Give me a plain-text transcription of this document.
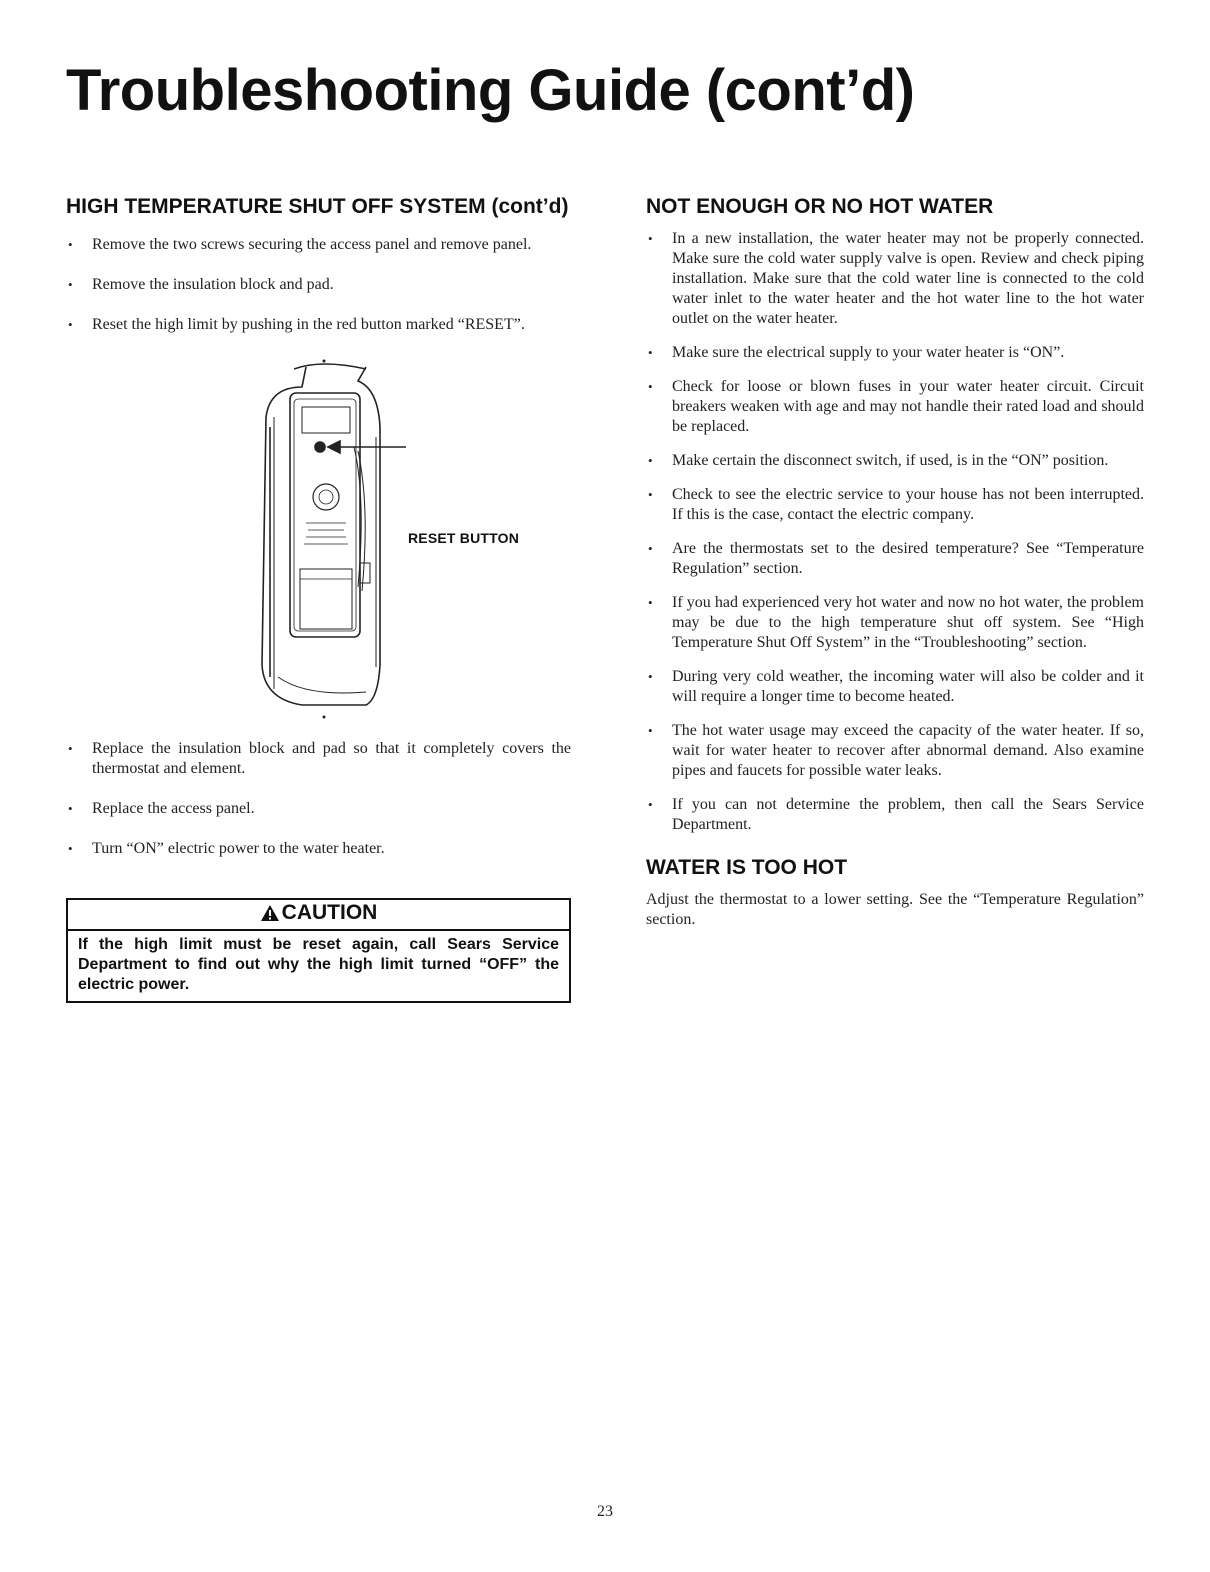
Troubleshooting Guide (cont’d)
HIGH TEMPERATURE SHUT OFF SYSTEM (cont’d)
• Remove the two screws securing the access panel and remove panel.
• Remove the insulation block and pad.
• Reset the high limit by pushing in the red button marked “RESET”.
RESET BUTTON
• Replace the insulation block and pad so that it completely covers the thermostat and element.
• Replace the access panel.
• Turn “ON” electric power to the water heater.
CAUTION
If the high limit must be reset again, call Sears Service Department to find out why the high limit turned “OFF” the electric power.
NOT ENOUGH OR NO HOT WATER
• In a new installation, the water heater may not be properly connected. Make sure the cold water supply valve is open. Review and check piping installation. Make sure that the cold water line is connected to the cold water inlet to the water heater and the hot water line to the hot water outlet on the water heater.
• Make sure the electrical supply to your water heater is “ON”.
• Check for loose or blown fuses in your water heater circuit. Circuit breakers weaken with age and may not handle their rated load and should be replaced.
• Make certain the disconnect switch, if used, is in the “ON” position.
• Check to see the electric service to your house has not been interrupted. If this is the case, contact the electric company.
• Are the thermostats set to the desired temperature? See “Temperature Regulation” section.
• If you had experienced very hot water and now no hot water, the problem may be due to the high temperature shut off system. See “High Temperature Shut Off System” in the “Troubleshooting” section.
• During very cold weather, the incoming water will also be colder and it will require a longer time to become heated.
• The hot water usage may exceed the capacity of the water heater. If so, wait for water heater to recover after abnormal demand. Also examine pipes and faucets for possible water leaks.
• If you can not determine the problem, then call the Sears Service Department.
WATER IS TOO HOT

Adjust the thermostat to a lower setting. See the “Temperature Regulation” section.

23
